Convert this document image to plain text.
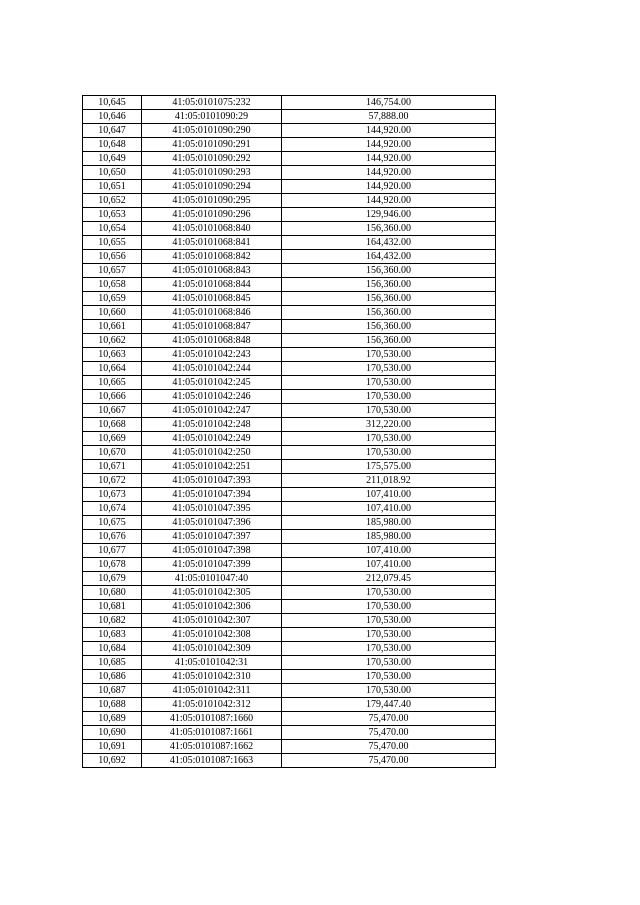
10,645	41:05:0101075:232	146,754.00
10,646	41:05:0101090:29	57,888.00
10,647	41:05:0101090:290	144,920.00
10,648	41:05:0101090:291	144,920.00
10,649	41:05:0101090:292	144,920.00
10,650	41:05:0101090:293	144,920.00
10,651	41:05:0101090:294	144,920.00
10,652	41:05:0101090:295	144,920.00
10,653	41:05:0101090:296	129,946.00
10,654	41:05:0101068:840	156,360.00
10,655	41:05:0101068:841	164,432.00
10,656	41:05:0101068:842	164,432.00
10,657	41:05:0101068:843	156,360.00
10,658	41:05:0101068:844	156,360.00
10,659	41:05:0101068:845	156,360.00
10,660	41:05:0101068:846	156,360.00
10,661	41:05:0101068:847	156,360.00
10,662	41:05:0101068:848	156,360.00
10,663	41:05:0101042:243	170,530.00
10,664	41:05:0101042:244	170,530.00
10,665	41:05:0101042:245	170,530.00
10,666	41:05:0101042:246	170,530.00
10,667	41:05:0101042:247	170,530.00
10,668	41:05:0101042:248	312,220.00
10,669	41:05:0101042:249	170,530.00
10,670	41:05:0101042:250	170,530.00
10,671	41:05:0101042:251	175,575.00
10,672	41:05:0101047:393	211,018.92
10,673	41:05:0101047:394	107,410.00
10,674	41:05:0101047:395	107,410.00
10,675	41:05:0101047:396	185,980.00
10,676	41:05:0101047:397	185,980.00
10,677	41:05:0101047:398	107,410.00
10,678	41:05:0101047:399	107,410.00
10,679	41:05:0101047:40	212,079.45
10,680	41:05:0101042:305	170,530.00
10,681	41:05:0101042:306	170,530.00
10,682	41:05:0101042:307	170,530.00
10,683	41:05:0101042:308	170,530.00
10,684	41:05:0101042:309	170,530.00
10,685	41:05:0101042:31	170,530.00
10,686	41:05:0101042:310	170,530.00
10,687	41:05:0101042:311	170,530.00
10,688	41:05:0101042:312	179,447.40
10,689	41:05:0101087:1660	75,470.00
10,690	41:05:0101087:1661	75,470.00
10,691	41:05:0101087:1662	75,470.00
10,692	41:05:0101087:1663	75,470.00
